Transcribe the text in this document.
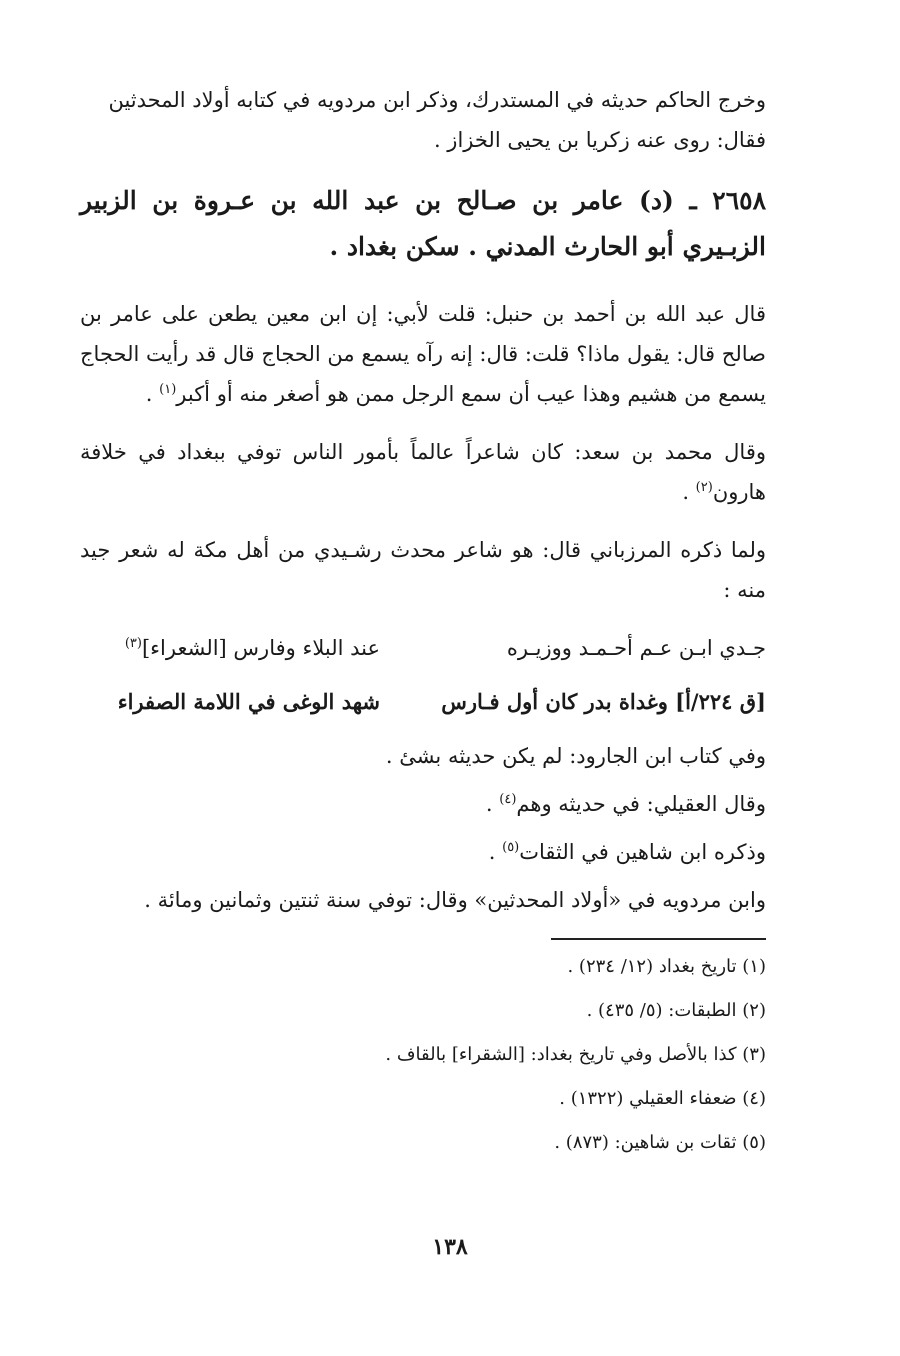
وخرج الحاكم حديثه في المستدرك، وذكر ابن مردويه في كتابه أولاد المحدثين

فقال: روى عنه زكريا بن يحيى الخزاز .

٢٦٥٨ ـ (د) عامر بن صـالح بن عبد الله بن عـروة بن الزبير الزبـيري أبو الحارث المدني . سكن بغداد .

قال عبد الله بن أحمد بن حنبل: قلت لأبي: إن ابن معين يطعن على عامر بن صالح قال: يقول ماذا؟ قلت: قال: إنه رآه يسمع من الحجاج قال قد رأيت الحجاج يسمع من هشيم وهذا عيب أن سمع الرجل ممن هو أصغر منه أو أكبر$^{(١)}$ .

وقال محمد بن سعد: كان شاعراً عالماً بأمور الناس توفي ببغداد في خلافة هارون$^{(٢)}$ .

ولما ذكره المرزباني قال: هو شاعر محدث رشـيدي من أهل مكة له شعر جيد منه :

جـدي ابـن عـم أحـمـد ووزيـره
عند البلاء وفارس [الشعراء]$^{(٣)}$
[ق ٢٢٤/أ] وغداة بدر كان أول فـارس
شهد الوغى في اللامة الصفراء

وفي كتاب ابن الجارود: لم يكن حديثه بشئ .

وقال العقيلي: في حديثه وهم$^{(٤)}$ .

وذكره ابن شاهين في الثقات$^{(٥)}$ .

وابن مردويه في «أولاد المحدثين» وقال: توفي سنة ثنتين وثمانين ومائة .

(١) تاريخ بغداد (١٢/ ٢٣٤) .

(٢) الطبقات: (٥/ ٤٣٥) .

(٣) كذا بالأصل وفي تاريخ بغداد: [الشقراء] بالقاف .

(٤) ضعفاء العقيلي (١٣٢٢) .

(٥) ثقات بن شاهين: (٨٧٣) .

١٣٨
